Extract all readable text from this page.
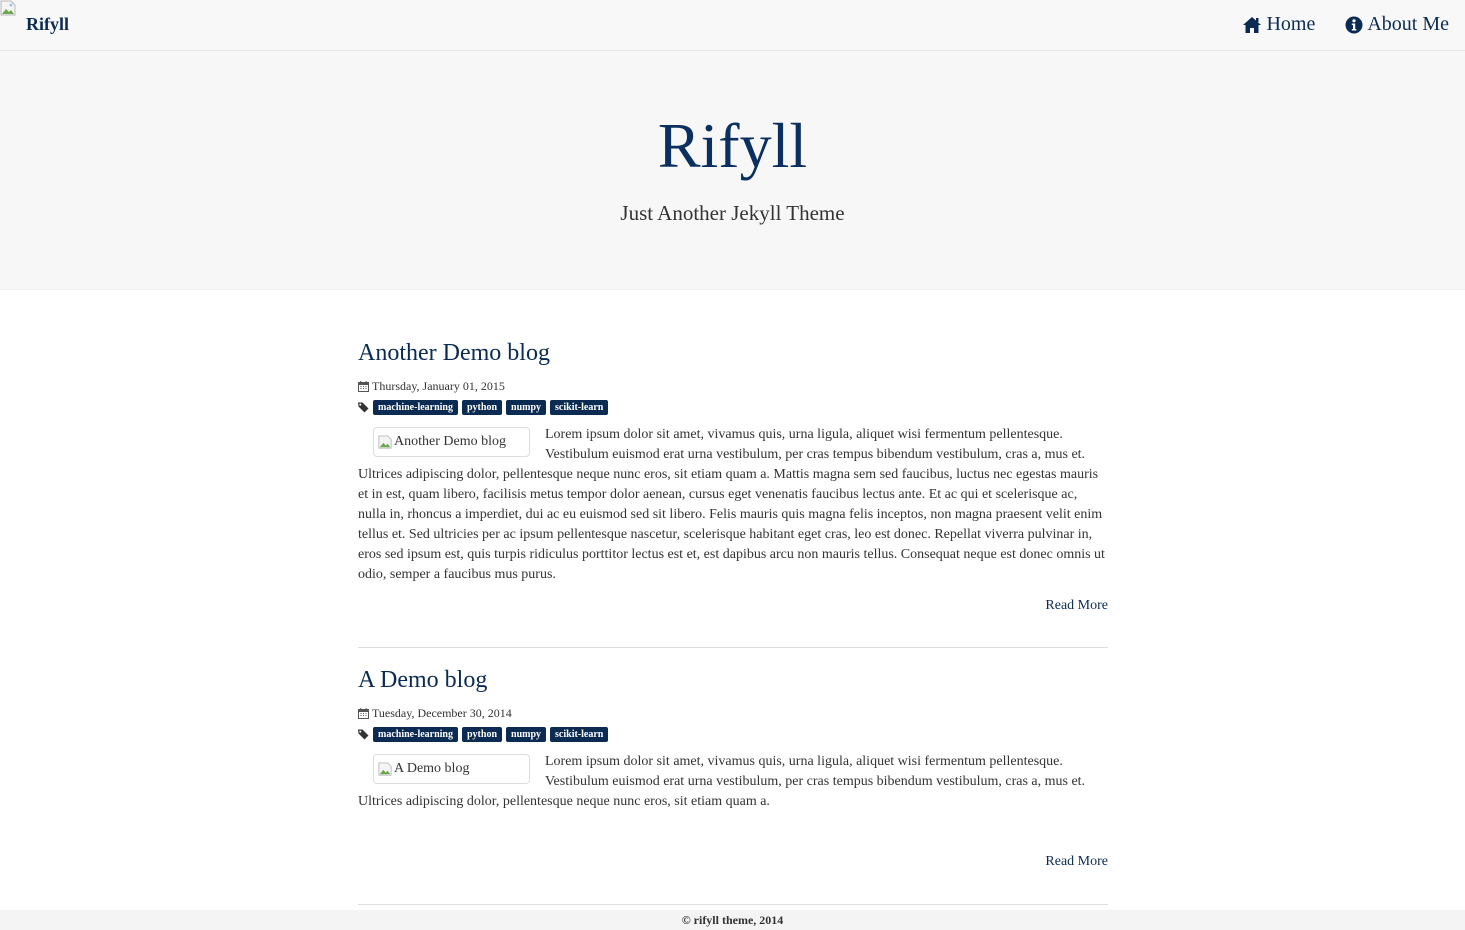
Rifyll	Home	About Me
Rifyll
Just Another Jekyll Theme
Another Demo blog
Thursday, January 01, 2015
machine-learning	python	numpy	scikit-learn
Another Demo blog	Lorem ipsum dolor sit amet, vivamus quis, urna ligula, aliquet wisi fermentum pellentesque. Vestibulum euismod erat urna vestibulum, per cras tempus bibendum vestibulum, cras a, mus et. Ultrices adipiscing dolor, pellentesque neque nunc eros, sit etiam quam a. Mattis magna sem sed faucibus, luctus nec egestas mauris et in est, quam libero, facilisis metus tempor dolor aenean, cursus eget venenatis faucibus lectus ante. Et ac qui et scelerisque ac, nulla in, rhoncus a imperdiet, dui ac eu euismod sed sit libero. Felis mauris quis magna felis inceptos, non magna praesent velit enim tellus et. Sed ultricies per ac ipsum pellentesque nascetur, scelerisque habitant eget cras, leo est donec. Repellat viverra pulvinar in, eros sed ipsum est, quis turpis ridiculus porttitor lectus est et, est dapibus arcu non mauris tellus. Consequat neque est donec omnis ut odio, semper a faucibus mus purus.
Read More
A Demo blog
Tuesday, December 30, 2014
machine-learning	python	numpy	scikit-learn
A Demo blog	Lorem ipsum dolor sit amet, vivamus quis, urna ligula, aliquet wisi fermentum pellentesque. Vestibulum euismod erat urna vestibulum, per cras tempus bibendum vestibulum, cras a, mus et. Ultrices adipiscing dolor, pellentesque neque nunc eros, sit etiam quam a.
Read More
© rifyll theme, 2014
